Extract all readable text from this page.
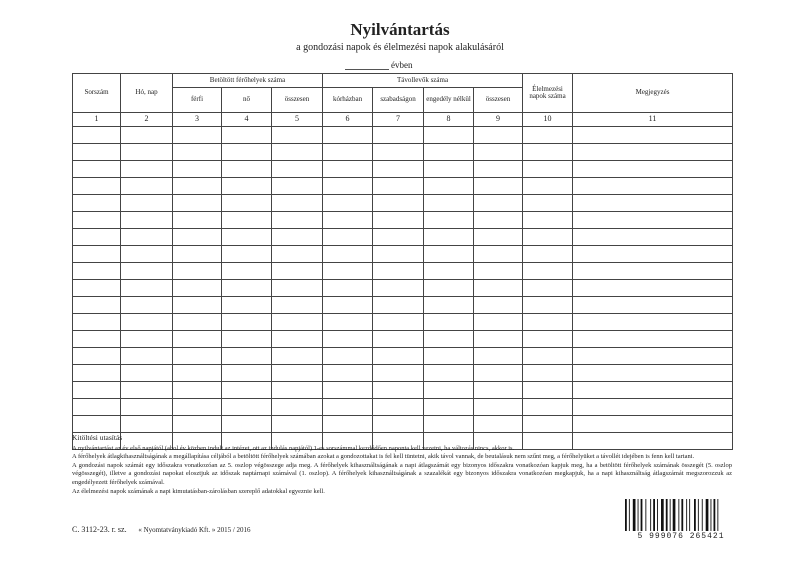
Nyilvántartás
a gondozási napok és élelmezési napok alakulásáról
évben
Sorszám	Hó, nap	Betöltött férőhelyek száma			Távollevők száma				Élelmezési napok száma	Megjegyzés
		férfi	nő	összesen	kórházban	szabadságon	engedély nélkül	összesen		
1	2	3	4	5	6	7	8	9	10	11

Kitöltési utasítás

A nyilvántartást az év első napjától (ahol év közben indult az intézet, ott az indulás napjától) 1-es sorszámmal kezdődően naponta kell vezetni, ha változás nincs, akkor is.

A férőhelyek átlagkihasználtságának a megállapítása céljából a betöltött férőhelyek számában azokat a gondozottakat is fel kell tüntetni, akik távol vannak, de beutalásuk nem szűnt meg, a férőhelyüket a távollét idejében is fenn kell tartani.

A gondozási napok számát egy időszakra vonatkozóan az 5. oszlop végösszege adja meg. A férőhelyek kihasználtságának a napi átlagszámát egy bizonyos időszakra vonatkozóan kapjuk meg, ha a betöltött férőhelyek számának összegét (5. oszlop végösszegét), illetve a gondozási napokat elosztjuk az időszak naptárnapi számával (1. oszlop). A férőhelyek kihasználtságának a szazalékát egy bizonyos időszakra vonatkozóan megkapjuk, ha a napi kihasználtság átlagszámát megszorozzuk az engedélyezett férőhelyek számával.

Az élelmezési napok számának a napi kimutatásban-zárolásban szereplő adatokkal egyeznie kell.

C. 3112-23. r. sz. « Nyomtatványkiadó Kft. » 2015 / 2016
5 999076 265421
